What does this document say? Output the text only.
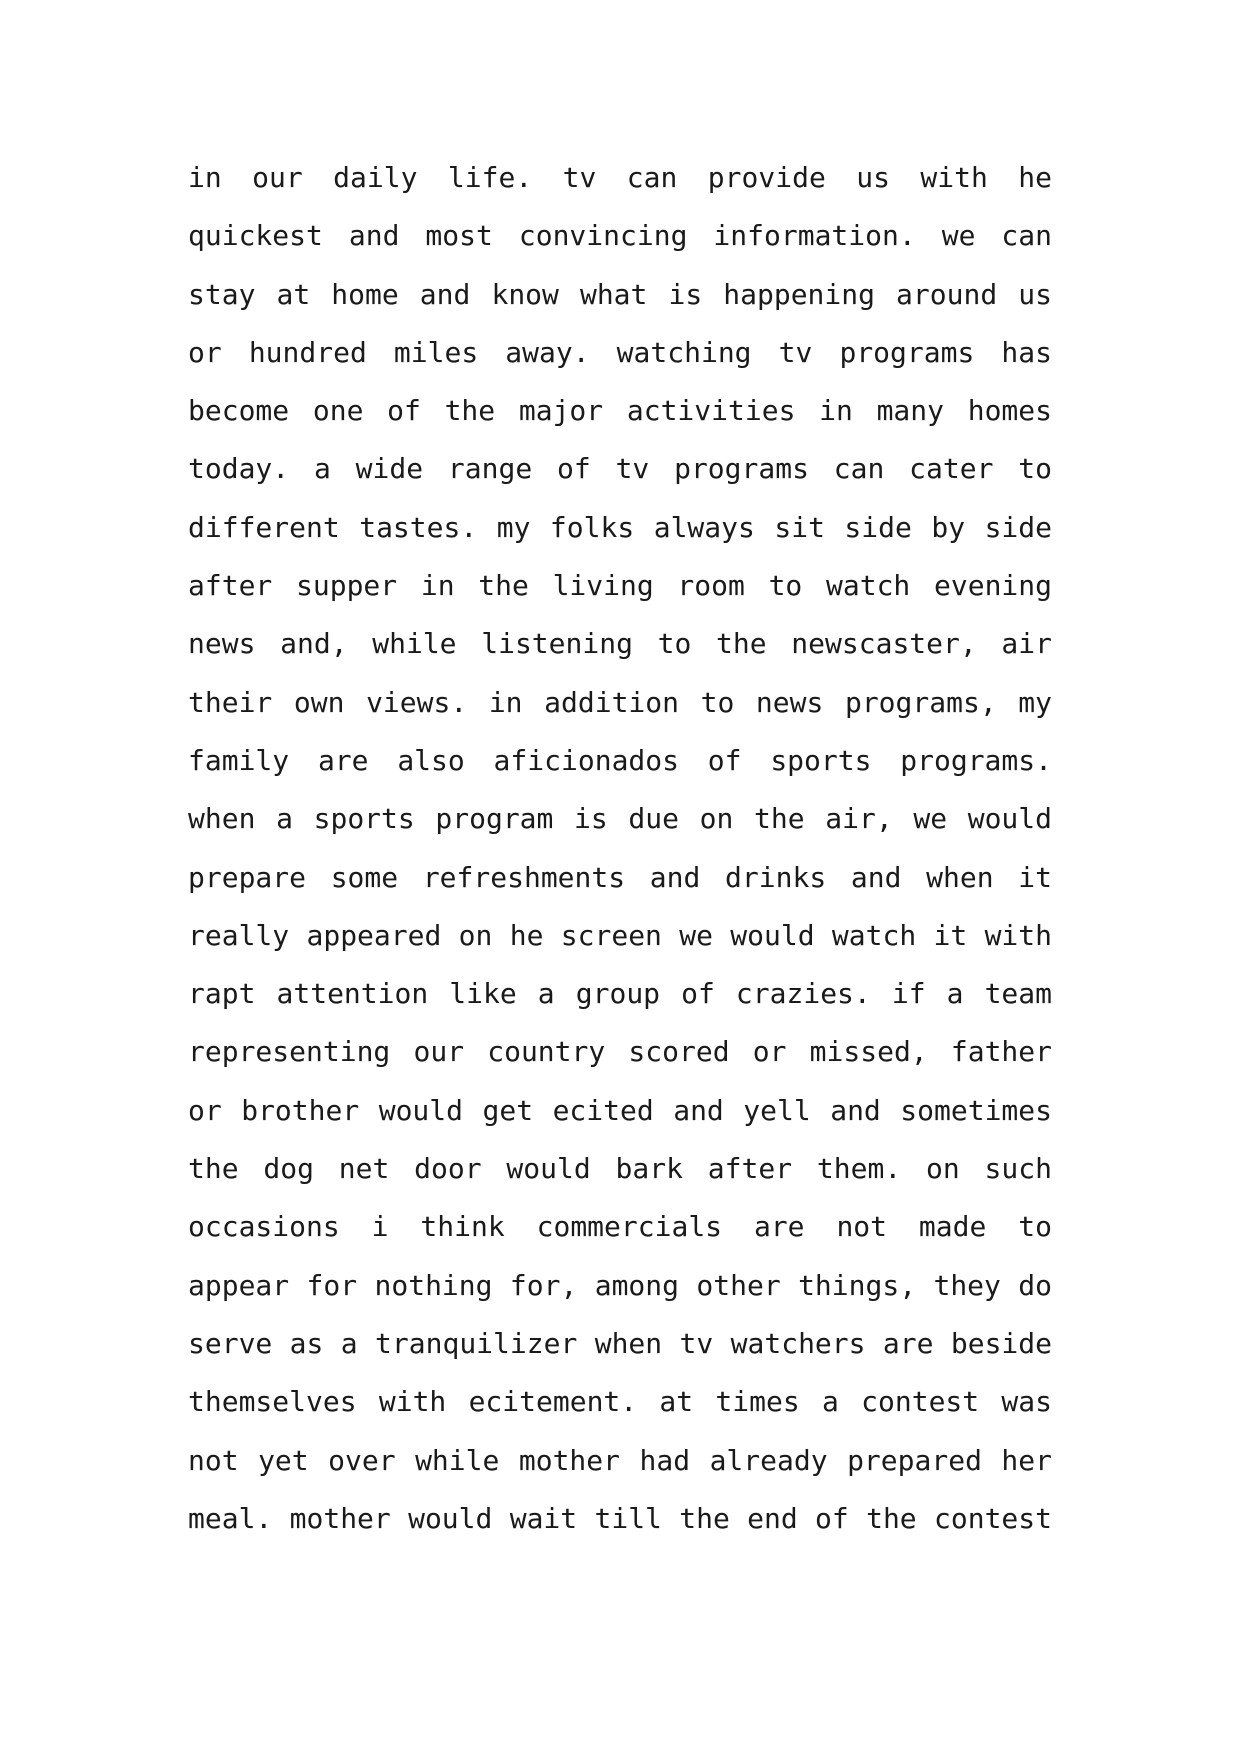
in our daily life. tv can provide us with he
quickest and most convincing information. we can
stay at home and know what is happening around us
or hundred miles away. watching tv programs has
become one of the major activities in many homes
today. a wide range of tv programs can cater to
different tastes. my folks always sit side by side
after supper in the living room to watch evening
news and, while listening to the newscaster, air
their own views. in addition to news programs, my
family are also aficionados of sports programs.
when a sports program is due on the air, we would
prepare some refreshments and drinks and when it
really appeared on he screen we would watch it with
rapt attention like a group of crazies. if a team
representing our country scored or missed, father
or brother would get ecited and yell and sometimes
the dog net door would bark after them. on such
occasions i think commercials are not made to
appear for nothing for, among other things, they do
serve as a tranquilizer when tv watchers are beside
themselves with ecitement. at times a contest was
not yet over while mother had already prepared her
meal. mother would wait till the end of the contest
